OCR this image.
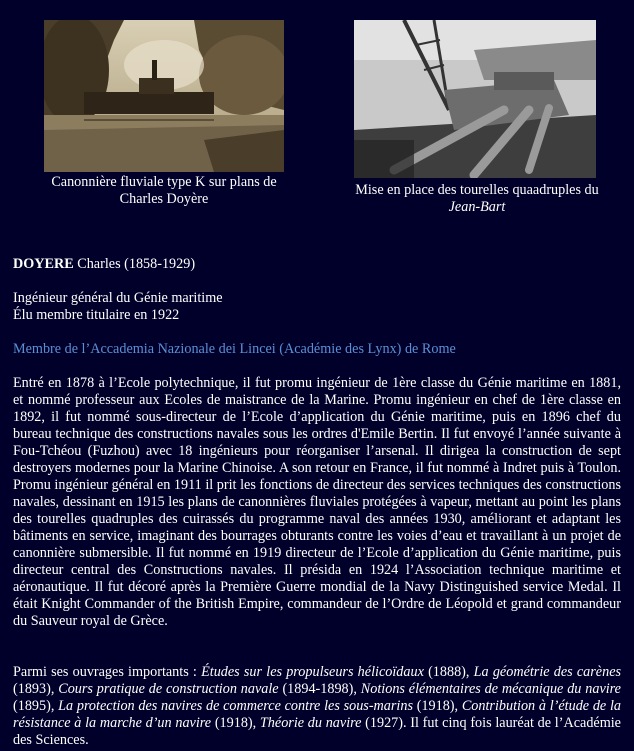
Canonnière fluviale type K sur plans de
Charles Doyère
Mise en place des tourelles quaadruples du
Jean-Bart
DOYERE Charles (1858-1929)
Ingénieur général du Génie maritime
Élu membre titulaire en 1922
Membre de l’Accademia Nazionale dei Lincei (Académie des Lynx) de Rome
Entré en 1878 à l’Ecole polytechnique, il fut promu ingénieur de 1ère classe du Génie maritime en 1881, et nommé professeur aux Ecoles de maistrance de la Marine. Promu ingénieur en chef de 1ère classe en 1892, il fut nommé sous-directeur de l’Ecole d’application du Génie maritime, puis en 1896 chef du bureau technique des constructions navales sous les ordres d'Emile Bertin. Il fut envoyé l’année suivante à Fou-Tchéou (Fuzhou) avec 18 ingénieurs pour réorganiser l’arsenal. Il dirigea la construction de sept destroyers modernes pour la Marine Chinoise. A son retour en France, il fut nommé à Indret puis à Toulon. Promu ingénieur général en 1911 il prit les fonctions de directeur des services techniques des constructions navales, dessinant en 1915 les plans de canonnières fluviales protégées à vapeur, mettant au point les plans des tourelles quadruples des cuirassés du programme naval des années 1930, améliorant et adaptant les bâtiments en service, imaginant des bourrages obturants contre les voies d’eau et travaillant à un projet de canonnière submersible. Il fut nommé en 1919 directeur de l’Ecole d’application du Génie maritime, puis directeur central des Constructions navales. Il présida en 1924 l’Association technique maritime et aéronautique. Il fut décoré après la Première Guerre mondial de la Navy Distinguished service Medal. Il était Knight Commander of the British Empire, commandeur de l’Ordre de Léopold et grand commandeur du Sauveur royal de Grèce.
Parmi ses ouvrages importants : Études sur les propulseurs hélicoïdaux (1888), La géométrie des carènes (1893), Cours pratique de construction navale (1894-1898), Notions élémentaires de mécanique du navire (1895), La protection des navires de commerce contre les sous-marins (1918), Contribution à l’étude de la résistance à la marche d’un navire (1918), Théorie du navire (1927). Il fut cinq fois lauréat de l’Académie des Sciences.
